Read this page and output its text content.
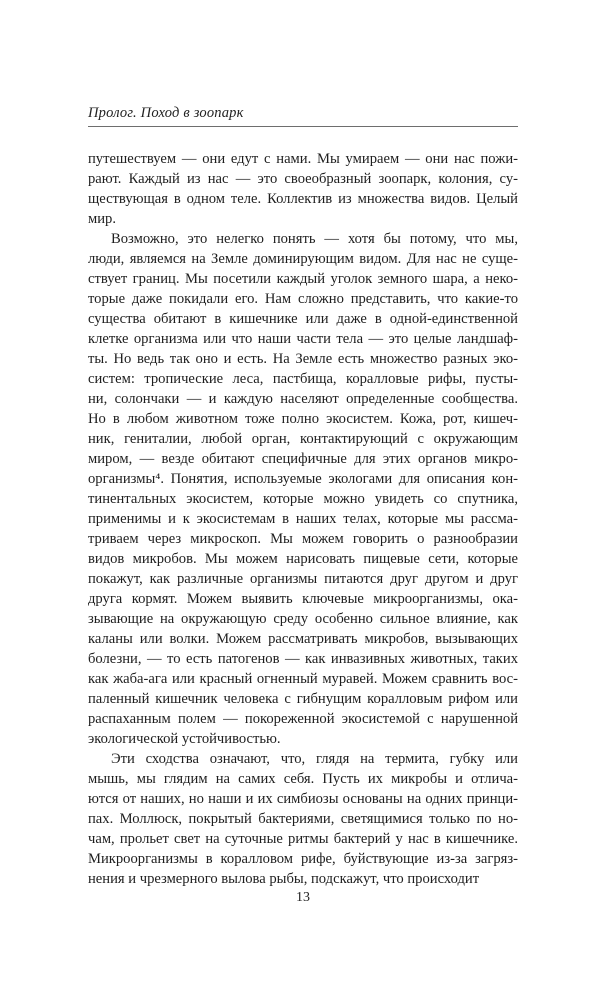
Пролог. Поход в зоопарк
путешествуем — они едут с нами. Мы умираем — они нас пожи-
рают. Каждый из нас — это своеобразный зоопарк, колония, су-
ществующая в одном теле. Коллектив из множества видов. Целый
мир.
Возможно, это нелегко понять — хотя бы потому, что мы,
люди, являемся на Земле доминирующим видом. Для нас не суще-
ствует границ. Мы посетили каждый уголок земного шара, а неко-
торые даже покидали его. Нам сложно представить, что какие-то
существа обитают в кишечнике или даже в одной-единственной
клетке организма или что наши части тела — это целые ландшаф-
ты. Но ведь так оно и есть. На Земле есть множество разных эко-
систем: тропические леса, пастбища, коралловые рифы, пусты-
ни, солончаки — и каждую населяют определенные сообщества.
Но в любом животном тоже полно экосистем. Кожа, рот, кишеч-
ник, гениталии, любой орган, контактирующий с окружающим
миром, — везде обитают специфичные для этих органов микро-
организмы⁴. Понятия, используемые экологами для описания кон-
тинентальных экосистем, которые можно увидеть со спутника,
применимы и к экосистемам в наших телах, которые мы рассма-
триваем через микроскоп. Мы можем говорить о разнообразии
видов микробов. Мы можем нарисовать пищевые сети, которые
покажут, как различные организмы питаются друг другом и друг
друга кормят. Можем выявить ключевые микроорганизмы, ока-
зывающие на окружающую среду особенно сильное влияние, как
каланы или волки. Можем рассматривать микробов, вызывающих
болезни, — то есть патогенов — как инвазивных животных, таких
как жаба-ага или красный огненный муравей. Можем сравнить вос-
паленный кишечник человека с гибнущим коралловым рифом или
распаханным полем — покореженной экосистемой с нарушенной
экологической устойчивостью.
Эти сходства означают, что, глядя на термита, губку или
мышь, мы глядим на самих себя. Пусть их микробы и отлича-
ются от наших, но наши и их симбиозы основаны на одних принци-
пах. Моллюск, покрытый бактериями, светящимися только по но-
чам, прольет свет на суточные ритмы бактерий у нас в кишечнике.
Микроорганизмы в коралловом рифе, буйствующие из-за загряз-
нения и чрезмерного вылова рыбы, подскажут, что происходит
13
